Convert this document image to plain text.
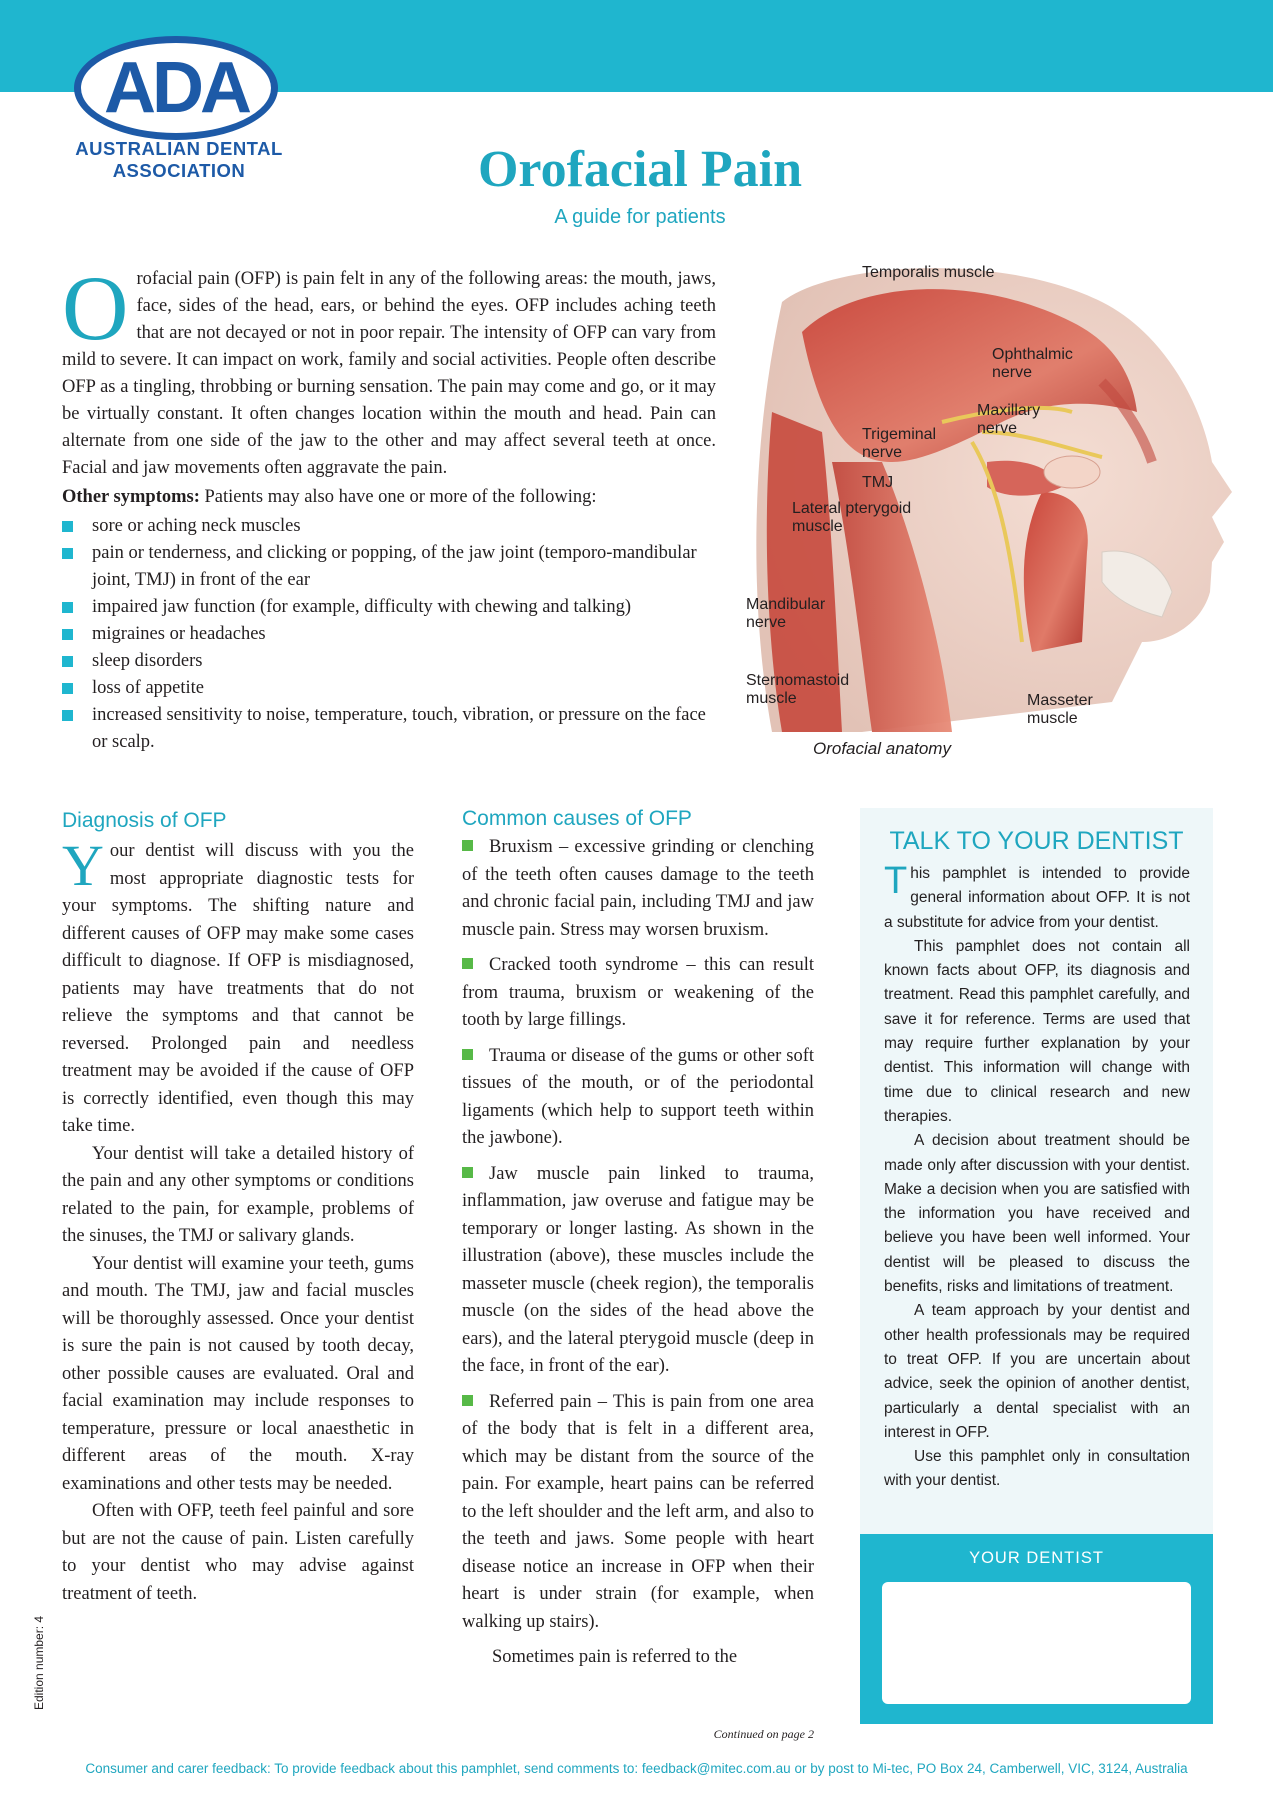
ADA
AUSTRALIAN DENTAL
ASSOCIATION	Orofacial Pain
A guide for patients

Orofacial pain (OFP) is pain felt in any of the following areas: the mouth, jaws, face, sides of the head, ears, or behind the eyes. OFP includes aching teeth that are not decayed or not in poor repair. The intensity of OFP can vary from mild to severe. It can impact on work, family and social activities. People often describe OFP as a tingling, throbbing or burning sensation. The pain may come and go, or it may be virtually constant. It often changes location within the mouth and head. Pain can alternate from one side of the jaw to the other and may affect several teeth at once. Facial and jaw movements often aggravate the pain.

Other symptoms: Patients may also have one or more of the following:

sore or aching neck muscles
pain or tenderness, and clicking or popping, of the jaw joint (temporo-mandibular joint, TMJ) in front of the ear
impaired jaw function (for example, difficulty with chewing and talking)
migraines or headaches
sleep disorders
loss of appetite
increased sensitivity to noise, temperature, touch, vibration, or pressure on the face or scalp.
Temporalis muscle
Ophthalmic nerve
Maxillary nerve
Trigeminal nerve
TMJ
Lateral pterygoid muscle
Mandibular nerve
Sternomastoid muscle	Masseter muscle
Orofacial anatomy
Diagnosis of OFP

Your dentist will discuss with you the most appropriate diagnostic tests for your symptoms. The shifting nature and different causes of OFP may make some cases difficult to diagnose. If OFP is misdiagnosed, patients may have treatments that do not relieve the symptoms and that cannot be reversed. Prolonged pain and needless treatment may be avoided if the cause of OFP is correctly identified, even though this may take time.

Your dentist will take a detailed history of the pain and any other symptoms or conditions related to the pain, for example, problems of the sinuses, the TMJ or salivary glands.

Your dentist will examine your teeth, gums and mouth. The TMJ, jaw and facial muscles will be thoroughly assessed. Once your dentist is sure the pain is not caused by tooth decay, other possible causes are evaluated. Oral and facial examination may include responses to temperature, pressure or local anaesthetic in different areas of the mouth. X-ray examinations and other tests may be needed.

Often with OFP, teeth feel painful and sore but are not the cause of pain. Listen carefully to your dentist who may advise against treatment of teeth.

Common causes of OFP

Bruxism – excessive grinding or clenching of the teeth often causes damage to the teeth and chronic facial pain, including TMJ and jaw muscle pain. Stress may worsen bruxism.

Cracked tooth syndrome – this can result from trauma, bruxism or weakening of the tooth by large fillings.

Trauma or disease of the gums or other soft tissues of the mouth, or of the periodontal ligaments (which help to support teeth within the jawbone).

Jaw muscle pain linked to trauma, inflammation, jaw overuse and fatigue may be temporary or longer lasting. As shown in the illustration (above), these muscles include the masseter muscle (cheek region), the temporalis muscle (on the sides of the head above the ears), and the lateral pterygoid muscle (deep in the face, in front of the ear).

Referred pain – This is pain from one area of the body that is felt in a different area, which may be distant from the source of the pain. For example, heart pains can be referred to the left shoulder and the left arm, and also to the teeth and jaws. Some people with heart disease notice an increase in OFP when their heart is under strain (for example, when walking up stairs).

Sometimes pain is referred to the

Continued on page 2
TALK TO YOUR DENTIST

This pamphlet is intended to provide general information about OFP. It is not a substitute for advice from your dentist.

This pamphlet does not contain all known facts about OFP, its diagnosis and treatment. Read this pamphlet carefully, and save it for reference. Terms are used that may require further explanation by your dentist. This information will change with time due to clinical research and new therapies.

A decision about treatment should be made only after discussion with your dentist. Make a decision when you are satisfied with the information you have received and believe you have been well informed. Your dentist will be pleased to discuss the benefits, risks and limitations of treatment.

A team approach by your dentist and other health professionals may be required to treat OFP. If you are uncertain about advice, seek the opinion of another dentist, particularly a dental specialist with an interest in OFP.

Use this pamphlet only in consultation with your dentist.

YOUR DENTIST
Edition number: 4
Consumer and carer feedback: To provide feedback about this pamphlet, send comments to: feedback@mitec.com.au or by post to Mi-tec, PO Box 24, Camberwell, VIC, 3124, Australia
